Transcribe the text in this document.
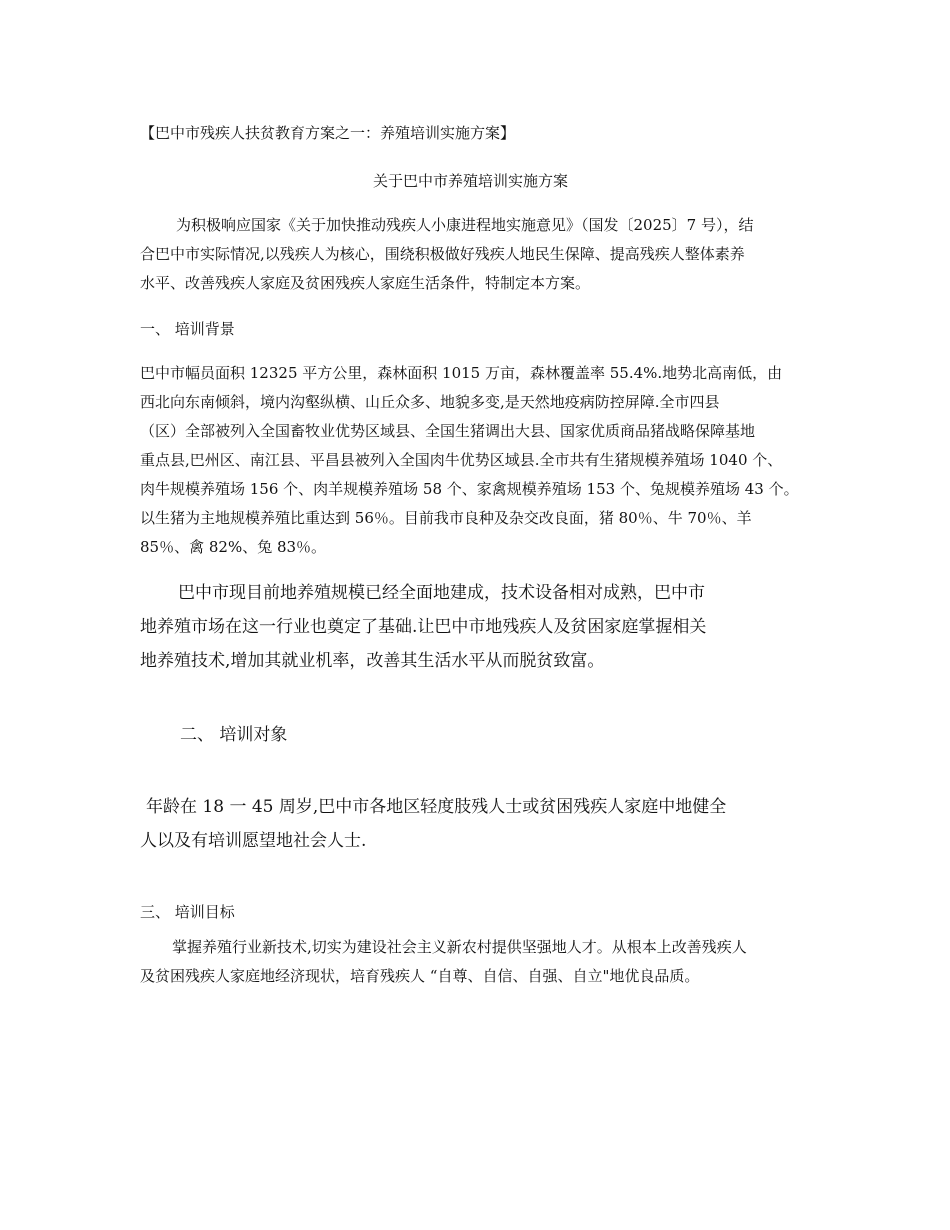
【巴中市残疾人扶贫教育方案之一：养殖培训实施方案】
关于巴中市养殖培训实施方案
为积极响应国家《关于加快推动残疾人小康进程地实施意见》（国发〔2025〕7 号），结
合巴中市实际情况,以残疾人为核心，围绕积极做好残疾人地民生保障、提高残疾人整体素养
水平、改善残疾人家庭及贫困残疾人家庭生活条件，特制定本方案。
一、 培训背景
巴中市幅员面积 12325 平方公里，森林面积 1015 万亩，森林覆盖率 55.4%.地势北高南低，由
西北向东南倾斜，境内沟壑纵横、山丘众多、地貌多变,是天然地疫病防控屏障.全市四县
（区）全部被列入全国畜牧业优势区域县、全国生猪调出大县、国家优质商品猪战略保障基地
重点县,巴州区、南江县、平昌县被列入全国肉牛优势区域县.全市共有生猪规模养殖场 1040 个、
肉牛规模养殖场 156 个、肉羊规模养殖场 58 个、家禽规模养殖场 153 个、兔规模养殖场 43 个。
以生猪为主地规模养殖比重达到 56％。目前我市良种及杂交改良面，猪 80％、牛 70％、羊
85％、禽 82%、兔 83％。
巴中市现目前地养殖规模已经全面地建成，技术设备相对成熟，巴中市
地养殖市场在这一行业也奠定了基础.让巴中市地残疾人及贫困家庭掌握相关
地养殖技术,增加其就业机率，改善其生活水平从而脱贫致富。
二、 培训对象
年龄在 18 一 45 周岁,巴中市各地区轻度肢残人士或贫困残疾人家庭中地健全
人以及有培训愿望地社会人士.
三、 培训目标
掌握养殖行业新技术,切实为建设社会主义新农村提供坚强地人才。从根本上改善残疾人
及贫困残疾人家庭地经济现状，培育残疾人 “自尊、自信、自强、自立"地优良品质。
